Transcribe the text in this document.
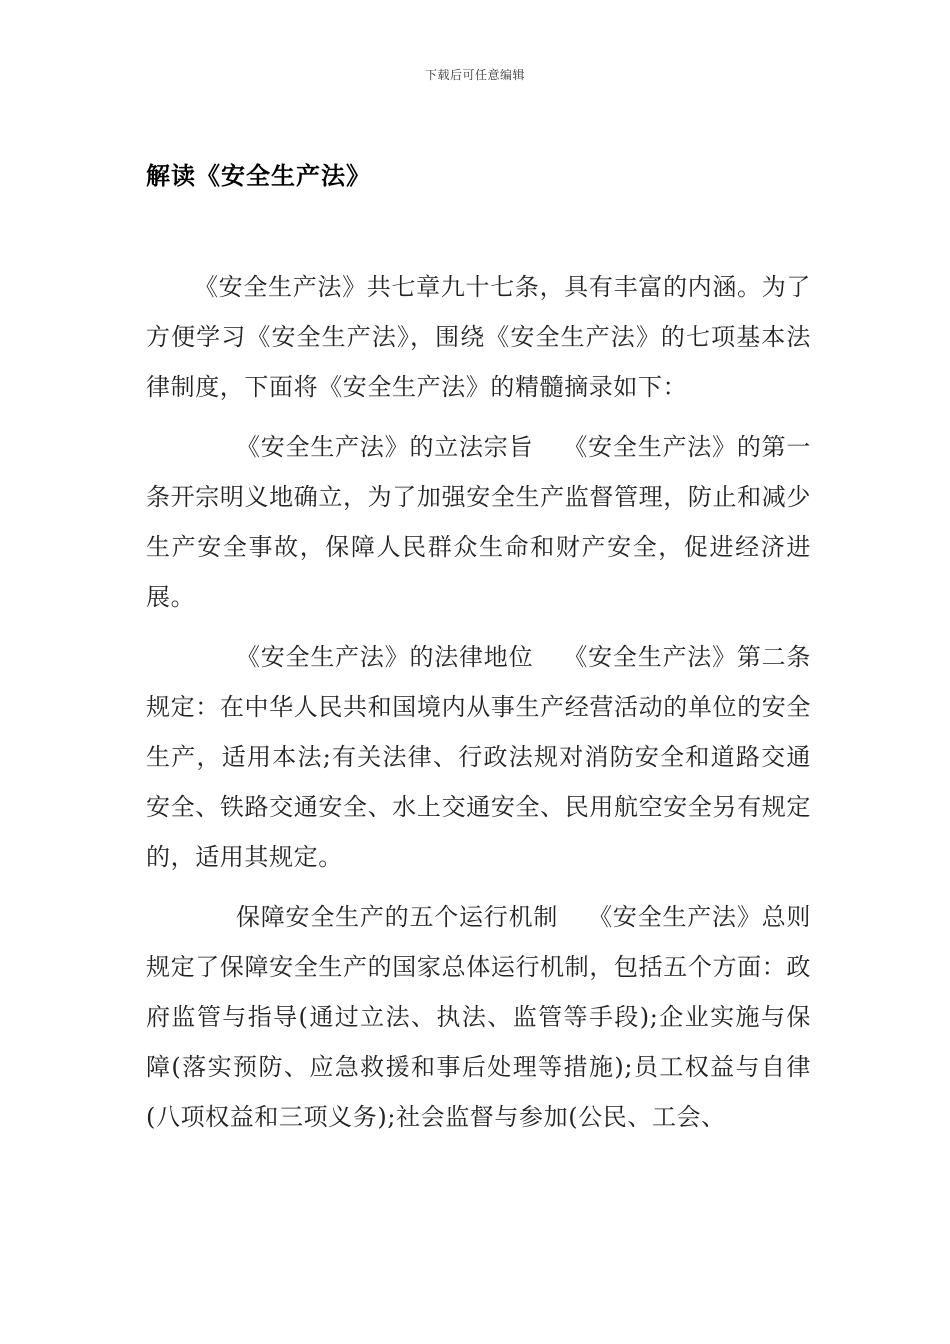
下载后可任意编辑
解读《安全生产法》

《安全生产法》共七章九十七条，具有丰富的内涵。为了方便学习《安全生产法》，围绕《安全生产法》的七项基本法律制度，下面将《安全生产法》的精髓摘录如下：

《安全生产法》的立法宗旨 《安全生产法》的第一条开宗明义地确立，为了加强安全生产监督管理，防止和减少生产安全事故，保障人民群众生命和财产安全，促进经济进展。

《安全生产法》的法律地位 《安全生产法》第二条规定：在中华人民共和国境内从事生产经营活动的单位的安全生产，适用本法;有关法律、行政法规对消防安全和道路交通安全、铁路交通安全、水上交通安全、民用航空安全另有规定的，适用其规定。

保障安全生产的五个运行机制 《安全生产法》总则规定了保障安全生产的国家总体运行机制，包括五个方面：政府监管与指导(通过立法、执法、监管等手段);企业实施与保障(落实预防、应急救援和事后处理等措施);员工权益与自律(八项权益和三项义务);社会监督与参加(公民、工会、
